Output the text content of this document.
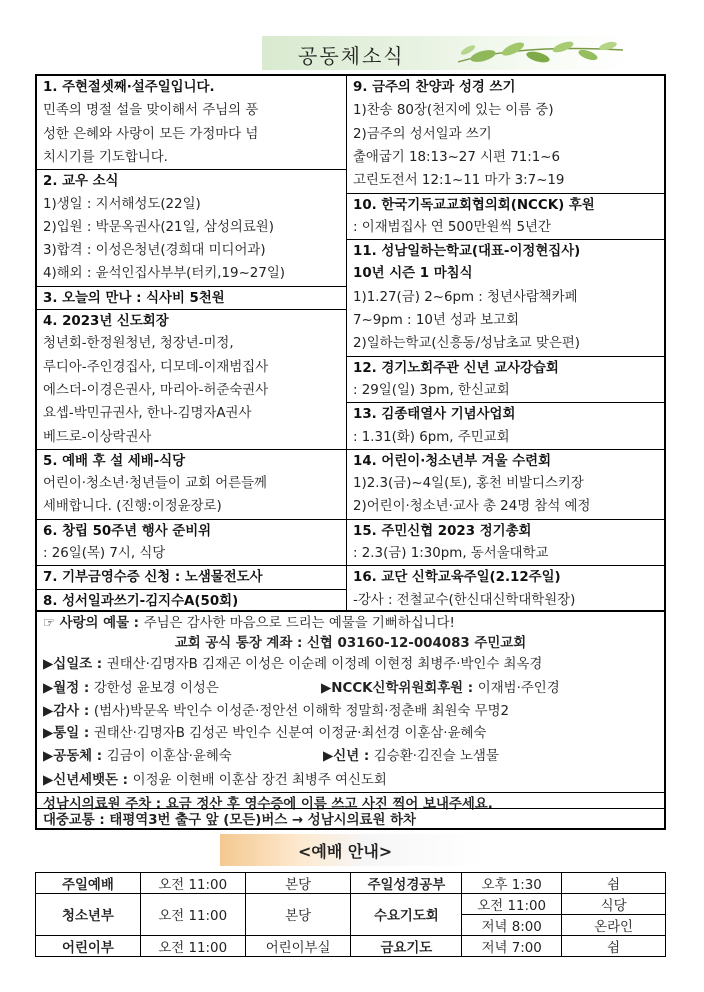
공동체소식
1. 주현절셋째·설주일입니다.
민족의 명절 설을 맞이해서 주님의 풍
성한 은혜와 사랑이 모든 가정마다 넘
치시기를 기도합니다.
2. 교우 소식
1)생일 : 지서해성도(22일)
2)입원 : 박문옥권사(21일, 삼성의료원)
3)합격 : 이성은청년(경희대 미디어과)
4)해외 : 윤석인집사부부(터키,19~27일)
3. 오늘의 만나 : 식사비 5천원
4. 2023년 신도회장
청년회-한정원청년, 청장년-미정,
루디아-주인경집사, 디모데-이재범집사
에스더-이경은권사, 마리아-허준숙권사
요셉-박민규권사, 한나-김명자A권사
베드로-이상락권사
5. 예배 후 설 세배-식당
어린이·청소년·청년들이 교회 어른들께
세배합니다. (진행:이정윤장로)
6. 창립 50주년 행사 준비위
: 26일(목) 7시, 식당
7. 기부금영수증 신청 : 노샘물전도사
8. 성서일과쓰기-김지수A(50회)
9. 금주의 찬양과 성경 쓰기
1)찬송 80장(천지에 있는 이름 중)
2)금주의 성서일과 쓰기
출애굽기 18:13~27 시편 71:1~6
고린도전서 12:1~11 마가 3:7~19
10. 한국기독교교회협의회(NCCK) 후원
: 이재범집사 연 500만원씩 5년간
11. 성남일하는학교(대표-이정현집사)
10년 시즌 1 마침식
1)1.27(금) 2~6pm : 청년사람책카페
7~9pm : 10년 성과 보고회
2)일하는학교(신흥동/성남초교 맞은편)
12. 경기노회주관 신년 교사강습회
: 29일(일) 3pm, 한신교회
13. 김종태열사 기념사업회
: 1.31(화) 6pm, 주민교회
14. 어린이·청소년부 겨울 수련회
1)2.3(금)~4일(토), 홍천 비발디스키장
2)어린이·청소년·교사 총 24명 참석 예정
15. 주민신협 2023 정기총회
: 2.3(금) 1:30pm, 동서울대학교
16. 교단 신학교육주일(2.12주일)
-강사 : 전철교수(한신대신학대학원장)
☞ 사랑의 예물 : 주님은 감사한 마음으로 드리는 예물을 기뻐하십니다!
교회 공식 통장 계좌 : 신협 03160-12-004083 주민교회
▶십일조 : 권태산·김명자B 김재곤 이성은 이순례 이정례 이현정 최병주·박인수 최옥경
▶월정 : 강한성 윤보경 이성은	▶NCCK신학위원회후원 : 이재범·주인경
▶감사 : (범사)박문옥 박인수 이성준·정안선 이해학 정말희·정춘배 최원숙 무명2
▶통일 : 권태산·김명자B 김성곤 박인수 신분여 이정균·최선경 이훈삼·윤혜숙
▶공동체 : 김금이 이훈삼·윤혜숙	▶신년 : 김승환·김진슬 노샘물
▶신년세뱃돈 : 이정윤 이현배 이훈삼 장건 최병주 여신도회
성남시의료원 주차 : 요금 정산 후 영수증에 이름 쓰고 사진 찍어 보내주세요.
대중교통 : 태평역3번 출구 앞 (모든)버스 → 성남시의료원 하차
<예배 안내>
주일예배	오전 11:00	본당	주일성경공부	오후 1:30	쉼
청소년부	오전 11:00	본당	수요기도회	오전 11:00	식당
				저녁 8:00	온라인
어린이부	오전 11:00	어린이부실	금요기도	저녁 7:00	쉼
